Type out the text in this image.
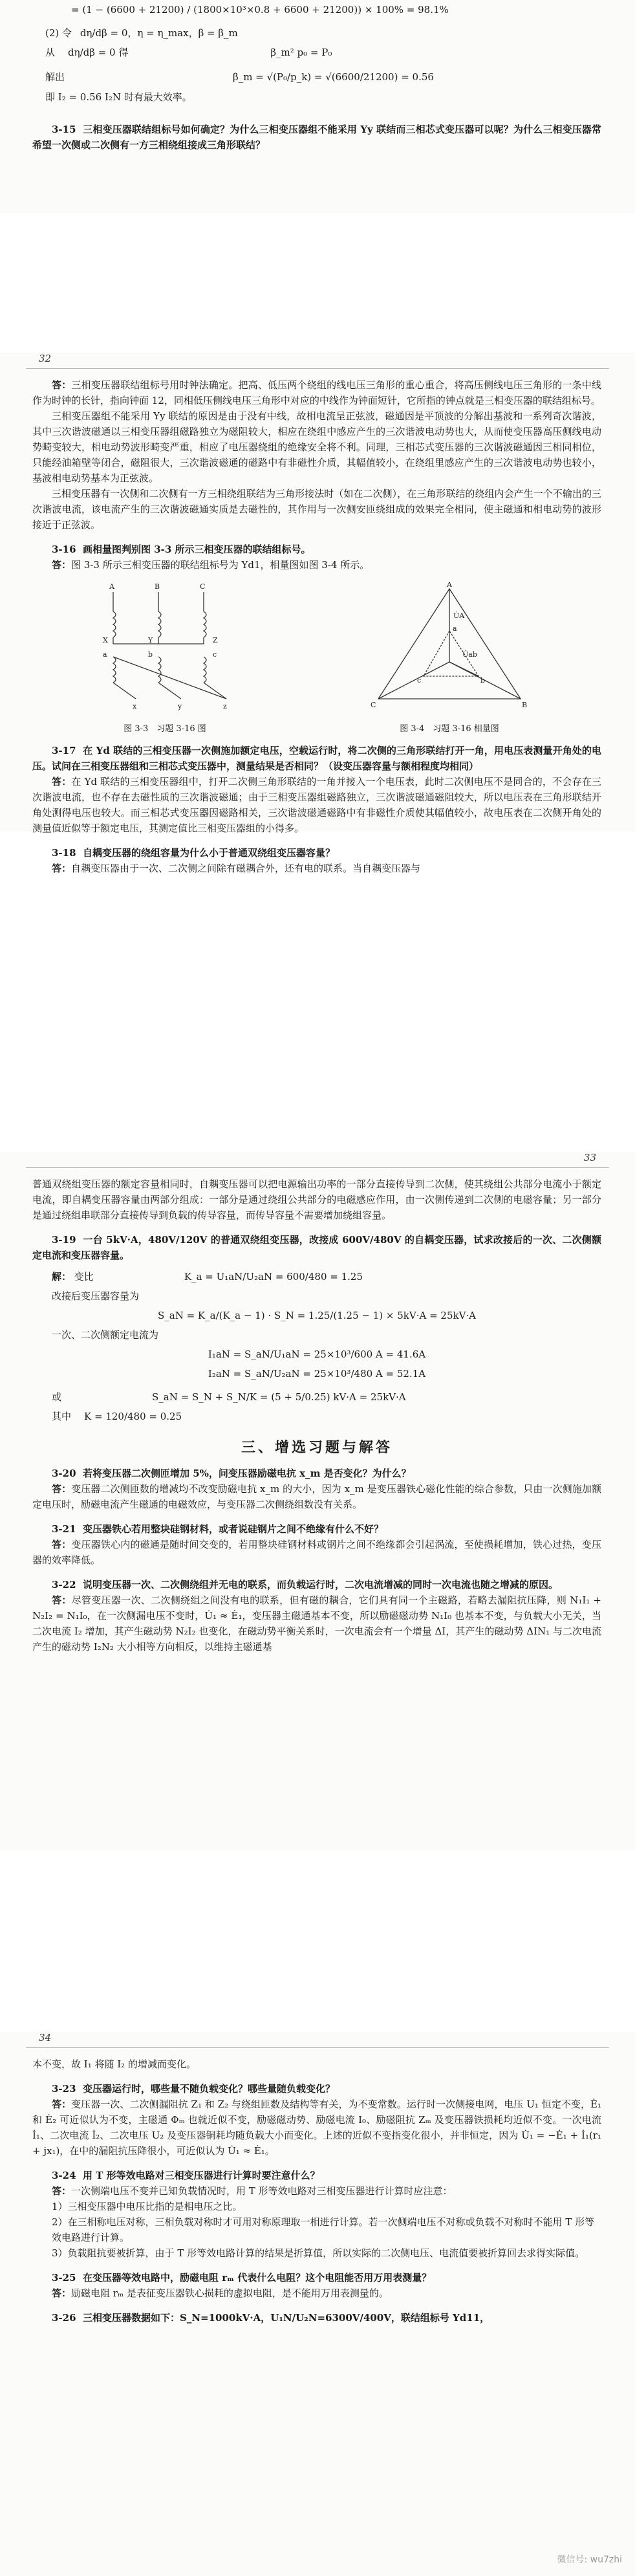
= (1 − (6600 + 21200) / (1800×10³×0.8 + 6600 + 21200)) × 100% = 98.1%
(2) 令 dη/dβ = 0，η = η_max，β = β_m
从 dη/dβ = 0 得	β_m² p₀ = P₀
解出	β_m = √(P₀/p_k) = √(6600/21200) = 0.56
即 I₂ = 0.56 I₂N 时有最大效率。
3-15 三相变压器联结组标号如何确定？为什么三相变压器组不能采用 Yy 联结而三相芯式变压器可以呢？为什么三相变压器常希望一次侧或二次侧有一方三相绕组接成三角形联结？
32

答：三相变压器联结组标号用时钟法确定。把高、低压两个绕组的线电压三角形的重心重合，将高压侧线电压三角形的一条中线作为时钟的长针，指向钟面 12，同相低压侧线电压三角形中对应的中线作为钟面短针，它所指的钟点就是三相变压器的联结组标号。

三相变压器组不能采用 Yy 联结的原因是由于没有中线，故相电流呈正弦波，磁通因是平顶波的分解出基波和一系列奇次谐波，其中三次谐波磁通以三相变压器组磁路独立为磁阻较大，相应在绕组中感应产生的三次谐波电动势也大，从而使变压器高压侧线电动势畸变较大，相电动势波形畸变严重，相应了电压器绕组的绝缘安全将不利。同理，三相芯式变压器的三次谐波磁通因三相同相位，只能经油箱壁等闭合，磁阻很大，三次谐波磁通的磁路中有非磁性介质，其幅值较小，在绕组里感应产生的三次谐波电动势也较小，基波相电动势基本为正弦波。

三相变压器有一次侧和二次侧有一方三相绕组联结为三角形接法时（如在二次侧），在三角形联结的绕组内会产生一个不输出的三次谐波电流，该电流产生的三次谐波磁通实质是去磁性的，其作用与一次侧安匝绕组成的效果完全相同，使主磁通和相电动势的波形接近于正弦波。

3-16 画相量图判别图 3-3 所示三相变压器的联结组标号。

答：图 3-3 所示三相变压器的联结组标号为 Yd1，相量图如图 3-4 所示。

A	B	C
X	Y	Z
a	b	c
x	y	z
图 3-3　习题 3-16 图
U̇A
C	B
A
a
c	b
U̇ab
图 3-4　习题 3-16 相量图

3-17 在 Yd 联结的三相变压器一次侧施加额定电压，空载运行时，将二次侧的三角形联结打开一角，用电压表测量开角处的电压。试问在三相变压器组和三相芯式变压器中，测量结果是否相同？（设变压器容量与额相程度均相同）

答：在 Yd 联结的三相变压器组中，打开二次侧三角形联结的一角并接入一个电压表，此时二次侧电压不是同合的，不会存在三次谐波电流，也不存在去磁性质的三次谐波磁通；由于三相变压器组磁路独立，三次谐波磁通磁阻较大，所以电压表在三角形联结开角处测得电压也较大。而三相芯式变压器因磁路相关，三次谐波磁通磁路中有非磁性介质使其幅值较小，故电压表在二次侧开角处的测量值近似等于额定电压，其测定值比三相变压器组的小得多。

3-18 自耦变压器的绕组容量为什么小于普通双绕组变压器容量？

答：自耦变压器由于一次、二次侧之间除有磁耦合外，还有电的联系。当自耦变压器与

33

普通双绕组变压器的额定容量相同时，自耦变压器可以把电源输出功率的一部分直接传导到二次侧，使其绕组公共部分电流小于额定电流，即自耦变压器容量由两部分组成：一部分是通过绕组公共部分的电磁感应作用，由一次侧传递到二次侧的电磁容量；另一部分是通过绕组串联部分直接传导到负载的传导容量，而传导容量不需要增加绕组容量。

3-19 一台 5kV·A，480V/120V 的普通双绕组变压器，改接成 600V/480V 的自耦变压器，试求改接后的一次、二次侧额定电流和变压器容量。

解：
变比	K_a = U₁aN/U₂aN = 600/480 = 1.25
改接后变压器容量为
S_aN = K_a/(K_a − 1) · S_N = 1.25/(1.25 − 1) × 5kV·A = 25kV·A
一次、二次侧额定电流为
I₁aN = S_aN/U₁aN = 25×10³/600 A = 41.6A
I₂aN = S_aN/U₂aN = 25×10³/480 A = 52.1A
或	S_aN = S_N + S_N/K = (5 + 5/0.25) kV·A = 25kV·A
其中 K = 120/480 = 0.25
三、增选习题与解答

3-20 若将变压器二次侧匝增加 5%，问变压器励磁电抗 x_m 是否变化？为什么？

答：变压器二次侧匝数的增减均不改变励磁电抗 x_m 的大小，因为 x_m 是变压器铁心磁化性能的综合参数，只由一次侧施加额定电压时，励磁电流产生磁通的电磁效应，与变压器二次侧绕组数没有关系。

3-21 变压器铁心若用整块硅钢材料，或者说硅钢片之间不绝缘有什么不好？

答：变压器铁心内的磁通是随时间交变的，若用整块硅钢材料或钢片之间不绝缘都会引起涡流，至使损耗增加，铁心过热，变压器的效率降低。

3-22 说明变压器一次、二次侧绕组并无电的联系，而负载运行时，二次电流增减的同时一次电流也随之增减的原因。

答：尽管变压器一次、二次侧绕组之间没有电的联系，但有磁的耦合，它们具有同一个主磁路，若略去漏阻抗压降，则 N₁I₁ + N₂I₂ = N₁I₀，在一次侧漏电压不变时，U̇₁ ≈ Ė₁，变压器主磁通基本不变，所以励磁磁动势 N₁I₀ 也基本不变，与负载大小无关，当二次电流 I₂ 增加，其产生磁动势 N₂I₂ 也变化，在磁动势平衡关系时，一次电流会有一个增量 ΔI，其产生的磁动势 ΔIN₁ 与二次电流产生的磁动势 I₂N₂ 大小相等方向相反，以维持主磁通基

34

本不变，故 I₁ 将随 I₂ 的增减而变化。

3-23 变压器运行时，哪些量不随负载变化？哪些量随负载变化？

答：变压器一次、二次侧漏阻抗 Z₁ 和 Z₂ 与绕组匝数及结构等有关，为不变常数。运行时一次侧接电网，电压 U₁ 恒定不变，Ė₁ 和 Ė₂ 可近似认为不变，主磁通 Φₘ 也就近似不变，励磁磁动势、励磁电流 I₀、励磁阻抗 Zₘ 及变压器铁损耗均近似不变。一次电流 İ₁、二次电流 İ₂、二次电压 U₂ 及变压器铜耗均随负载大小而变化。上述的近似不变指变化很小，并非恒定，因为 U̇₁ = −Ė₁ + İ₁(r₁ + jx₁)，在中的漏阻抗压降很小，可近似认为 U̇₁ ≈ Ė₁。

3-24 用 T 形等效电路对三相变压器进行计算时要注意什么？

答：一次侧端电压不变并已知负载情况时，用 T 形等效电路对三相变压器进行计算时应注意：

1）三相变压器中电压比指的是相电压之比。
2）在三相称电压对称，三相负载对称时才可用对称原理取一相进行计算。若一次侧端电压不对称或负载不对称时不能用 T 形等效电路进行计算。
3）负载阻抗要被折算，由于 T 形等效电路计算的结果是折算值，所以实际的二次侧电压、电流值要被折算回去求得实际值。

3-25 在变压器等效电路中，励磁电阻 rₘ 代表什么电阻？这个电阻能否用万用表测量？

答：励磁电阻 rₘ 是表征变压器铁心损耗的虚拟电阻，是不能用万用表测量的。

3-26 三相变压器数据如下：S_N=1000kV·A，U₁N/U₂N=6300V/400V，联结组标号 Yd11，

微信号: wu7zhi
